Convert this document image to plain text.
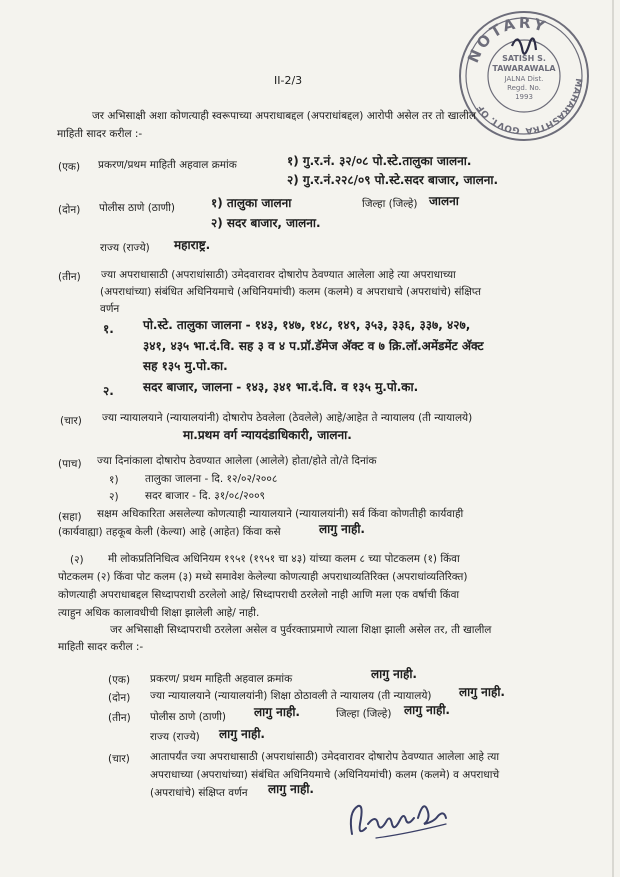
NOTARY
GOVT. OF
MAHARASHTRA
SATISH S.
TAWARAWALA
JALNA Dist.
Regd. No.
1993
II-2/3
जर अभिसाक्षी अशा कोणत्याही स्वरूपाच्या अपराधाबद्दल (अपराधांबद्दल) आरोपी असेल तर तो खालील
माहिती सादर करील :-
(एक) प्रकरण/प्रथम माहिती अहवाल क्रमांक	१) गु.र.नं. ३२/०८ पो.स्टे.तालुका जालना.
२) गु.र.नं.२२८/०९ पो.स्टे.सदर बाजार, जालना.
(दोन) पोलीस ठाणे (ठाणी)	१) तालुका जालना	जिल्हा (जिल्हे) जालना
२) सदर बाजार, जालना.
राज्य (राज्ये) महाराष्ट्र.
(तीन) ज्या अपराधासाठी (अपराधांसाठी) उमेदवारावर दोषारोप ठेवण्यात आलेला आहे त्या अपराधाच्या
(अपराधांच्या) संबंधित अधिनियमाचे (अधिनियमांची) कलम (कलमे) व अपराधाचे (अपराधांचे) संक्षिप्त
वर्णन
१. पो.स्टे. तालुका जालना - १४३, १४७, १४८, १४९, ३५३, ३३६, ३३७, ४२७,
३४१, ४३५ भा.दं.वि. सह ३ व ४ प.प्रॉ.डॅमेज अ‍ॅक्ट व ७ क्रि.लॉ.अमेंडमेंट अ‍ॅक्ट
सह १३५ मु.पो.का.
२. सदर बाजार, जालना - १४३, ३४१ भा.दं.वि. व १३५ मु.पो.का.
(चार) ज्या न्यायालयाने (न्यायालयांनी) दोषारोप ठेवलेला (ठेवलेले) आहे/आहेत ते न्यायालय (ती न्यायालये)
मा.प्रथम वर्ग न्यायदंडाधिकारी, जालना.
(पाच) ज्या दिनांकाला दोषारोप ठेवण्यात आलेला (आलेले) होता/होते तो/ते दिनांक
१)	तालुका जालना - दि. १२/०२/२००८
२)	सदर बाजार - दि. ३१/०८/२००९
(सहा) सक्षम अधिकारिता असलेल्या कोणत्याही न्यायालयाने (न्यायालयांनी) सर्व किंवा कोणतीही कार्यवाही
(कार्यवाह्या) तहकूब केली (केल्या) आहे (आहेत) किंवा कसे	लागु नाही.
(२) मी लोकप्रतिनिधित्व अधिनियम १९५१ (१९५१ चा ४३) यांच्या कलम ८ च्या पोटकलम (१) किंवा
पोटकलम (२) किंवा पोट कलम (३) मध्ये समावेश केलेल्या कोणत्याही अपराधाव्यतिरिक्त (अपराधांव्यतिरिक्त)
कोणत्याही अपराधाबद्दल सिध्दापराधी ठरलेलो आहे/ सिध्दापराधी ठरलेलो नाही आणि मला एक वर्षाची किंवा
त्याहुन अधिक कालावधीची शिक्षा झालेली आहे/ नाही.
जर अभिसाक्षी सिध्दापराधी ठरलेला असेल व पुर्वरक्ताप्रमाणे त्याला शिक्षा झाली असेल तर, ती खालील
माहिती सादर करील :-
(एक) प्रकरण/ प्रथम माहिती अहवाल क्रमांक	लागु नाही.
(दोन) ज्या न्यायालयाने (न्यायालयांनी) शिक्षा ठोठावली ते न्यायालय (ती न्यायालये) लागु नाही.
(तीन) पोलीस ठाणे (ठाणी) लागु नाही.	जिल्हा (जिल्हे) लागु नाही.
राज्य (राज्ये) लागु नाही.
(चार) आतापर्यंत ज्या अपराधासाठी (अपराधांसाठी) उमेदवारावर दोषारोप ठेवण्यात आलेला आहे त्या
अपराधाच्या (अपराधांच्या) संबंधित अधिनियमाचे (अधिनियमांची) कलम (कलमे) व अपराधाचे
(अपराधांचे) संक्षिप्त वर्णन लागु नाही.
